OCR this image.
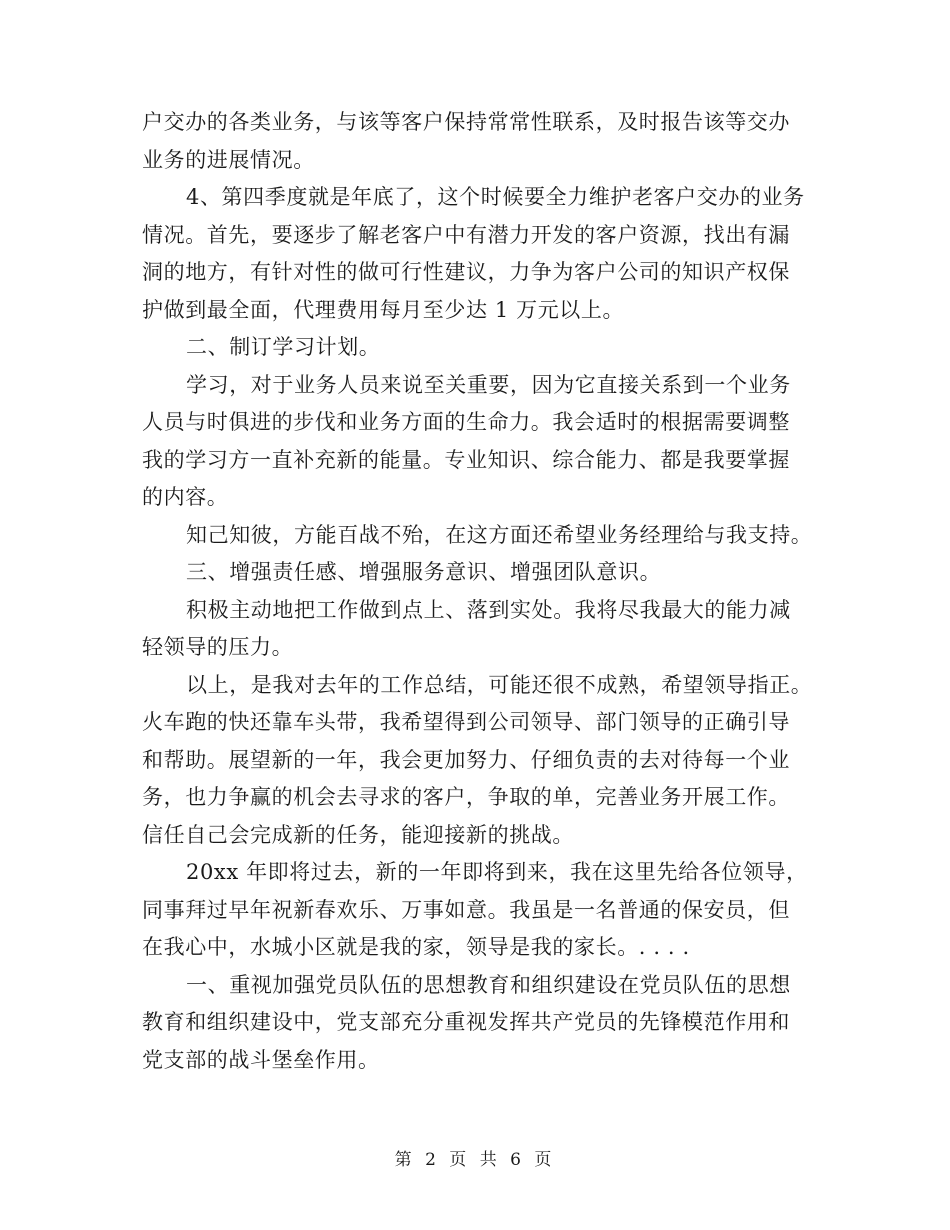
户交办的各类业务，与该等客户保持常常性联系，及时报告该等交办
业务的进展情况。
4、第四季度就是年底了，这个时候要全力维护老客户交办的业务
情况。首先，要逐步了解老客户中有潜力开发的客户资源，找出有漏
洞的地方，有针对性的做可行性建议，力争为客户公司的知识产权保
护做到最全面，代理费用每月至少达 1 万元以上。
二、制订学习计划。
学习，对于业务人员来说至关重要，因为它直接关系到一个业务
人员与时俱进的步伐和业务方面的生命力。我会适时的根据需要调整
我的学习方一直补充新的能量。专业知识、综合能力、都是我要掌握
的内容。
知己知彼，方能百战不殆，在这方面还希望业务经理给与我支持。
三、增强责任感、增强服务意识、增强团队意识。
积极主动地把工作做到点上、落到实处。我将尽我最大的能力减
轻领导的压力。
以上，是我对去年的工作总结，可能还很不成熟，希望领导指正。
火车跑的快还靠车头带，我希望得到公司领导、部门领导的正确引导
和帮助。展望新的一年，我会更加努力、仔细负责的去对待每一个业
务，也力争赢的机会去寻求的客户，争取的单，完善业务开展工作。
信任自己会完成新的任务，能迎接新的挑战。
20xx 年即将过去，新的一年即将到来，我在这里先给各位领导，
同事拜过早年祝新春欢乐、万事如意。我虽是一名普通的保安员，但
在我心中，水城小区就是我的家，领导是我的家长。. . . .
一、重视加强党员队伍的思想教育和组织建设在党员队伍的思想
教育和组织建设中，党支部充分重视发挥共产党员的先锋模范作用和
党支部的战斗堡垒作用。
第 2 页 共 6 页
